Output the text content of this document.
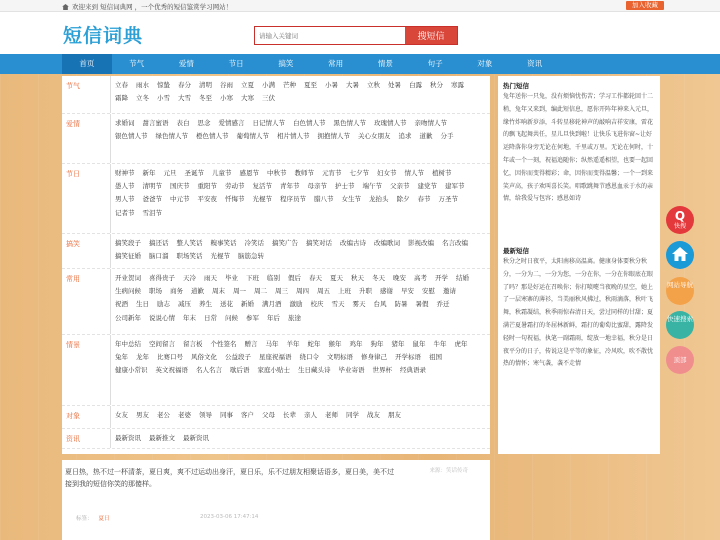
欢迎来到 短信词典网 ，一个优秀的短信鉴赏学习网站！	加入收藏
短信词典
请输入关键词	搜短信
首页	节气	爱情	节日	搞笑	常用	情景	句子	对象	资讯
节气	立春 雨水 惊蛰 春分 清明 谷雨 立夏 小满 芒种 夏至 小暑 大暑 立秋 处暑 白露 秋分 寒露
霜降 立冬 小雪 大雪 冬至 小寒 大寒 三伏
爱情	求婚词 甜言蜜语 表白 思念 爱情感言 日记情人节 白色情人节 黑色情人节 玫瑰情人节 亲吻情人节
银色情人节 绿色情人节 橙色情人节 葡萄情人节 相片情人节 拥抱情人节 关心女朋友 追求 道歉 分手
节日	财神节 新年 元旦 圣诞节 儿童节 感恩节 中秋节 教师节 元宵节 七夕节 妇女节 情人节 植树节
愚人节 清明节 国庆节 重阳节 劳动节 复活节 青年节 母亲节 护士节 端午节 父亲节 建党节 建军节
男人节 爸爸节 中元节 平安夜 忏悔节 光棍节 程序员节 腊八节 女生节 龙抬头 除夕 春节 万圣节
记者节 雪泪节
搞笑	搞笑段子 搞还话 整人笑话 糗事笑话 冷笑话 搞笑广告 搞笑对话 改编古诗 改编歌词 影视改编 名言改编
搞笑征婚 脑口溜 职场笑话 光棍节 脑筋急转
常用	开业贺词 喜得贵子 天冷 雨天 毕业 下班 临别 假后 春天 夏天 秋天 冬天 晚安 高考 开学 结婚
生病问候 职场 商务 道歉 周末 周一 周二 周三 周四 周五 上班 升职 感谢 早安 安慰 邀请
祝酒 生日 励志 减压 养生 送花 新婚 满月酒 激励 校庆 雪天 雾天 台风 防暑 暑假 乔迁
公司新年 说说心情 年末 日常 问候 参军 年后 旅途
情景	年中总结 空间留言 留言板 个性签名 赠言 马年 羊年 蛇年 猴年 鸡年 狗年 猪年 鼠年 牛年 虎年
兔年 龙年 比赛口号 风俗文化 公益段子 星座祝福语 绕口令 文明标语 修身律己 开学标语 祖国
健康小常识 英文祝福语 名人名言 歇后语 家庭小贴士 生日藏头诗 毕业寄语 世界杯 经典语录
对象	女友 男友 老公 老婆 领导 同事 客户 父母 长辈 亲人 老师 同学 战友 朋友
资讯	最新资讯 最新推文 最新资讯
热门短信
兔年送你一只兔，没有烦恼忧伤苦；学习工作都轮回十二稍，兔年又来到，编此短信息，愿你开阵年神来入元旦，缘竹炸响新岁添，斗转星移轮神声的敲响吉祥安康，雷花的飘飞起舞共任，星儿旦快到啦！让快乐飞进你窗~让好运降落你身旁无论在何地，千里或万里。无论在何时，十年或一个一刻，祝福追随你；纵然遥遥相望，也要一起回忆，因你而变得精彩；命，因你而变得温馨；一个一到来笑声高，孩子欢叫喜长笑。唱歌跳舞节感恩血汞于水的亲情，给我爱与包容；感恩如诗
最新短信
秋分之时日夜平，太阳南移高温离。健康身体要秋分秋分，一分为二，一分为您，一分在你，一分在你眼底在眼了吗？那是好运在召唤你；你打喷嚏当夜晚的星空，她上了一层寒寨的薄衫，当美丽秋风拂过，秋雨滴落，秋叶飞舞，秋霜凝结，秋季雨惊春清日天，尝过同样的甘甜；夏满芒夏暑霜打的冬屈林新鲜，霜打的葡萄比蜜甜，露降发轻时一句祝福，执笔一副霜雨，绽放一地幸福，秋分是日夜平分的日子，传说这是平等的象征，冷风吹，吹不散忧热的情怀；寒气袭，袭不走情
来源：笑话传奇
夏日热，热不过一杯清茶，夏日爽，爽不过运动出身汗，夏日乐，乐不过朋友相聚话语多，夏日美，美不过接到我的短信你笑的那傻样。
标签： 夏日	2023-03-06 17:47:14
Q
快搜
网站导航
快速搜索
顶部
